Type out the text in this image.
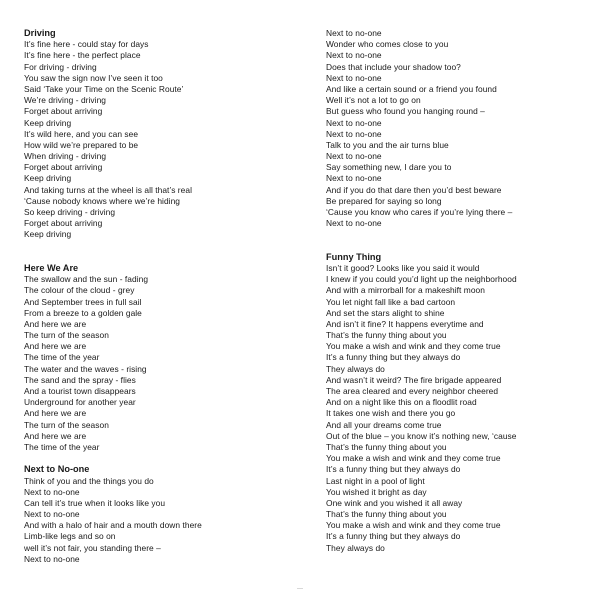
Driving
It’s fine here - could stay for days
It’s fine here - the perfect place
For driving - driving
You saw the sign now I’ve seen it too
Said ‘Take your Time on the Scenic Route’
We’re driving - driving
Forget about arriving
Keep driving
It’s wild here, and you can see
How wild we’re prepared to be
When driving - driving
Forget about arriving
Keep driving
And taking turns at the wheel is all that’s real
‘Cause nobody knows where we’re hiding
So keep driving - driving
Forget about arriving
Keep driving
Here We Are
The swallow and the sun - fading
The colour of the cloud - grey
And September trees in full sail
From a breeze to a golden gale
And here we are
The turn of the season
And here we are
The time of the year
The water and the waves - rising
The sand and the spray - flies
And a tourist town disappears
Underground for another year
And here we are
The turn of the season
And here we are
The time of the year
Next to No-one
Think of you and the things you do
Next to no-one
Can tell it’s true when it looks like you
Next to no-one
And with a halo of hair and a mouth down there
Limb-like legs and so on
well it’s not fair, you standing there –
Next to no-one
Next to no-one
Wonder who comes close to you
Next to no-one
Does that include your shadow too?
Next to no-one
And like a certain sound or a friend you found
Well it’s not a lot to go on
But guess who found you hanging round –
Next to no-one
Next to no-one
Talk to you and the air turns blue
Next to no-one
Say something new, I dare you to
Next to no-one
And if you do that dare then you’d best beware
Be prepared for saying so long
‘Cause you know who cares if you’re lying there –
Next to no-one
Funny Thing
Isn’t it good? Looks like you said it would
I knew if you could you’d light up the neighborhood
And with a mirrorball for a makeshift moon
You let night fall like a bad cartoon
And set the stars alight to shine
And isn’t it fine? It happens everytime and
That’s the funny thing about you
You make a wish and wink and they come true
It’s a funny thing but they always do
They always do
And wasn’t it weird? The fire brigade appeared
The area cleared and every neighbor cheered
And on a night like this on a floodlit road
It takes one wish and there you go
And all your dreams come true
Out of the blue – you know it’s nothing new, ‘cause
That’s the funny thing about you
You make a wish and wink and they come true
It’s a funny thing but they always do
Last night in a pool of light
You wished it bright as day
One wink and you wished it all away
That’s the funny thing about you
You make a wish and wink and they come true
It’s a funny thing but they always do
They always do
